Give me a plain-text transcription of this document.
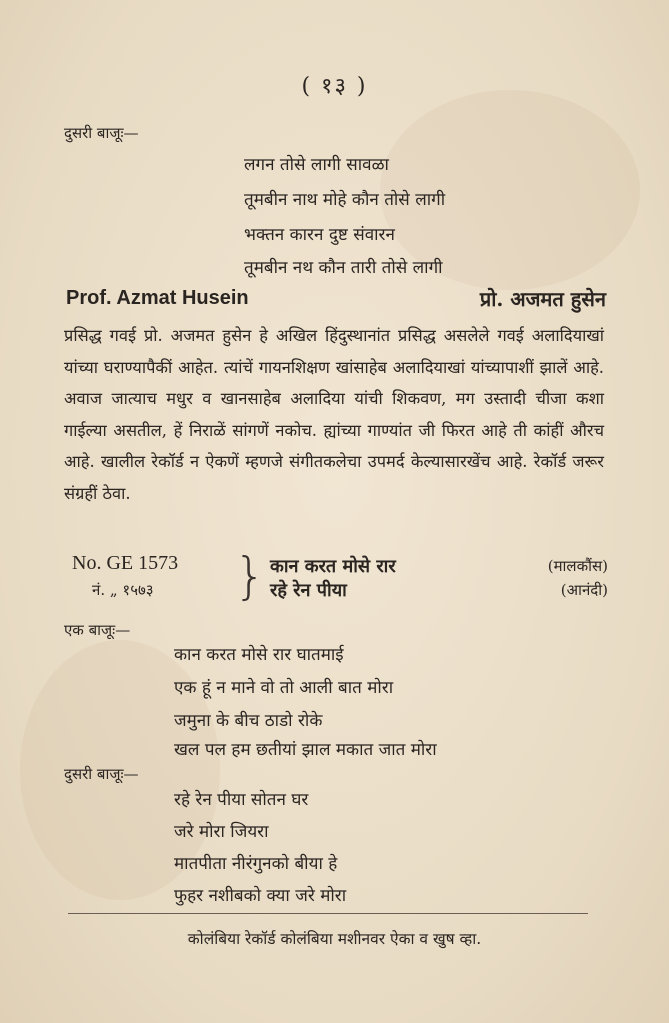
( १३ )
दुसरी बाजूः—
लगन तोसे लागी सावळा
तूमबीन नाथ मोहे कौन तोसे लागी
भक्तन कारन दुष्ट संवारन
तूमबीन नथ कौन तारी तोसे लागी
Prof. Azmat Husein	प्रो. अजमत हुसेन
प्रसिद्ध गवई प्रो. अजमत हुसेन हे अखिल हिंदुस्थानांत प्रसिद्ध असलेले गवई अलादियाखां यांच्या घराण्यापैकीं आहेत. त्यांचें गायनशिक्षण खांसाहेब अलादियाखां यांच्यापाशीं झालें आहे. अवाज जात्याच मधुर व खानसाहेब अलादिया यांची शिकवण, मग उस्तादी चीजा कशा गाईल्या असतील, हें निराळें सांगणें नकोच. ह्यांच्या गाण्यांत जी फिरत आहे ती कांहीं औरच आहे. खालील रेकॉर्ड न ऐकणें म्हणजे संगीतकलेचा उपमर्द केल्यासारखेंच आहे. रेकॉर्ड जरूर संग्रहीं ठेवा.
No. GE 1573
नं. „ १५७३ } कान करत मोसे रार
रहे रेन पीया
(मालकौंस)
(आनंदी)
एक बाजूः—
कान करत मोसे रार घातमाई
एक हूं न माने वो तो आली बात मोरा
जमुना के बीच ठाडो रोके
खल पल हम छतीयां झाल मकात जात मोरा
दुसरी बाजूः—
रहे रेन पीया सोतन घर
जरे मोरा जियरा
मातपीता नीरंगुनको बीया हे
फुहर नशीबको क्या जरे मोरा
कोलंबिया रेकॉर्ड कोलंबिया मशीनवर ऐका व खुष व्हा.
